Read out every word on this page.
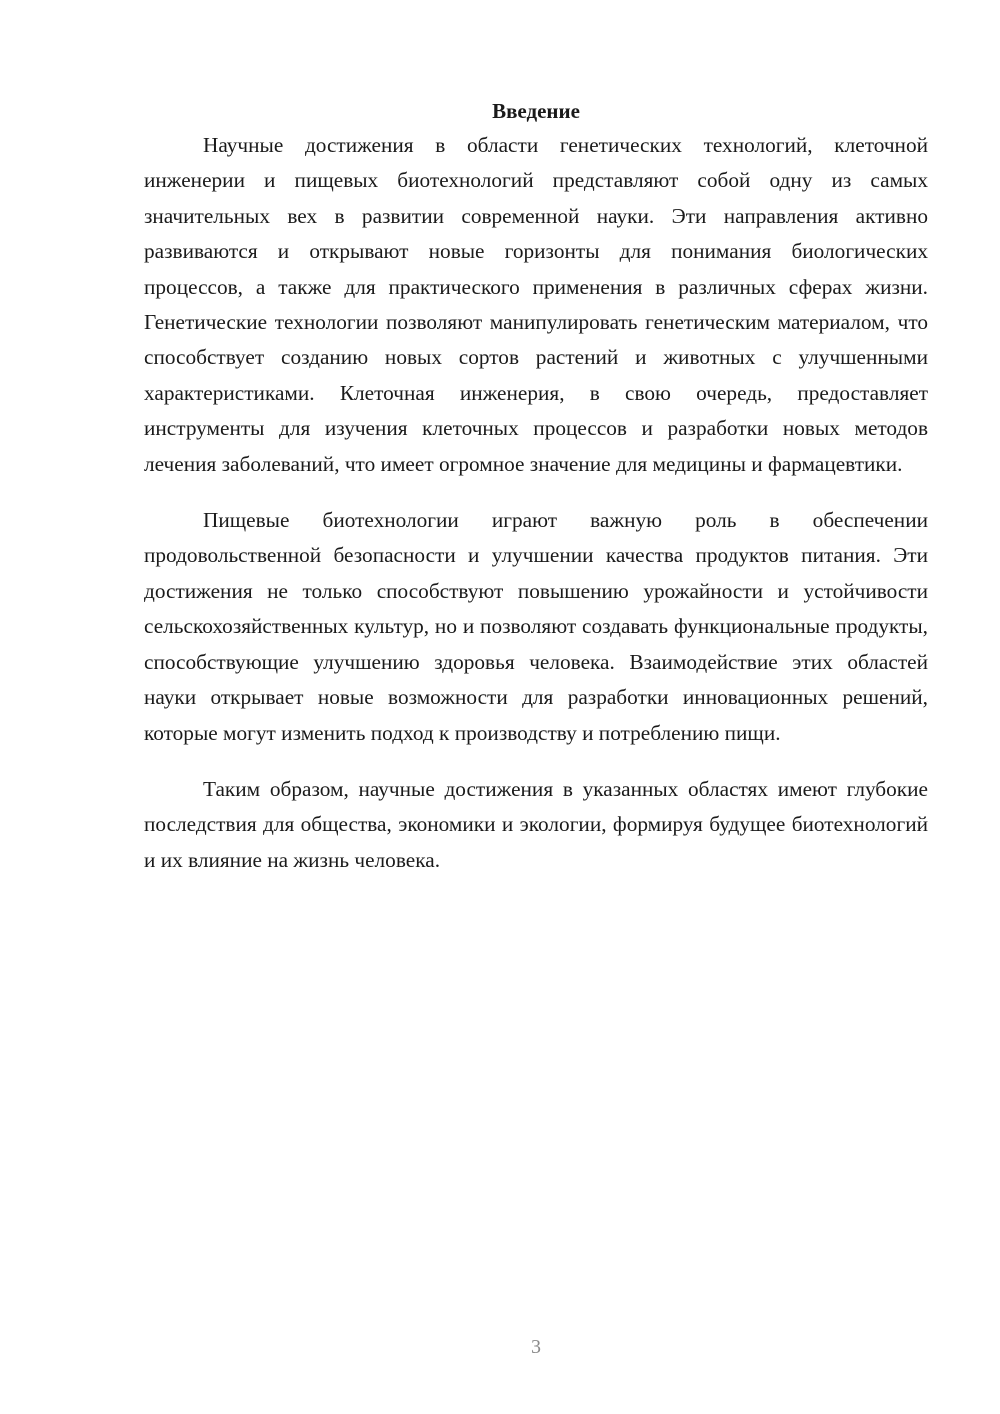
Введение

Научные достижения в области генетических технологий, клеточной инженерии и пищевых биотехнологий представляют собой одну из самых значительных вех в развитии современной науки. Эти направления активно развиваются и открывают новые горизонты для понимания биологических процессов, а также для практического применения в различных сферах жизни. Генетические технологии позволяют манипулировать генетическим материалом, что способствует созданию новых сортов растений и животных с улучшенными характеристиками. Клеточная инженерия, в свою очередь, предоставляет инструменты для изучения клеточных процессов и разработки новых методов лечения заболеваний, что имеет огромное значение для медицины и фармацевтики.

Пищевые биотехнологии играют важную роль в обеспечении продовольственной безопасности и улучшении качества продуктов питания. Эти достижения не только способствуют повышению урожайности и устойчивости сельскохозяйственных культур, но и позволяют создавать функциональные продукты, способствующие улучшению здоровья человека. Взаимодействие этих областей науки открывает новые возможности для разработки инновационных решений, которые могут изменить подход к производству и потреблению пищи.

Таким образом, научные достижения в указанных областях имеют глубокие последствия для общества, экономики и экологии, формируя будущее биотехнологий и их влияние на жизнь человека.

3
